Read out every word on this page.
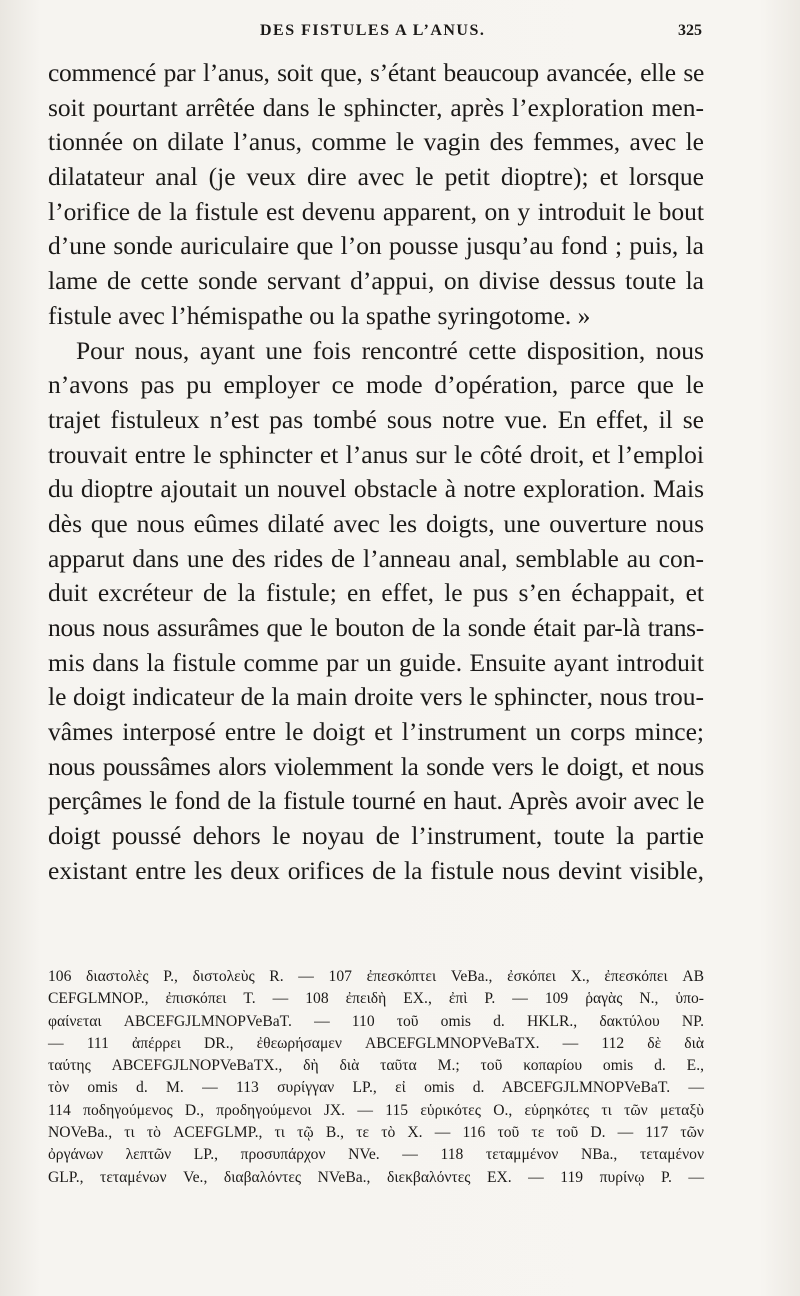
DES FISTULES A L’ANUS.	325
commencé par l’anus, soit que, s’étant beaucoup avancée, elle se
soit pourtant arrêtée dans le sphincter, après l’exploration men-
tionnée on dilate l’anus, comme le vagin des femmes, avec le
dilatateur anal (je veux dire avec le petit dioptre); et lorsque
l’orifice de la fistule est devenu apparent, on y introduit le bout
d’une sonde auriculaire que l’on pousse jusqu’au fond ; puis, la
lame de cette sonde servant d’appui, on divise dessus toute la
fistule avec l’hémispathe ou la spathe syringotome. »
Pour nous, ayant une fois rencontré cette disposition, nous
n’avons pas pu employer ce mode d’opération, parce que le
trajet fistuleux n’est pas tombé sous notre vue. En effet, il se
trouvait entre le sphincter et l’anus sur le côté droit, et l’emploi
du dioptre ajoutait un nouvel obstacle à notre exploration. Mais
dès que nous eûmes dilaté avec les doigts, une ouverture nous
apparut dans une des rides de l’anneau anal, semblable au con-
duit excréteur de la fistule; en effet, le pus s’en échappait, et
nous nous assurâmes que le bouton de la sonde était par-là trans-
mis dans la fistule comme par un guide. Ensuite ayant introduit
le doigt indicateur de la main droite vers le sphincter, nous trou-
vâmes interposé entre le doigt et l’instrument un corps mince;
nous poussâmes alors violemment la sonde vers le doigt, et nous
perçâmes le fond de la fistule tourné en haut. Après avoir avec le
doigt poussé dehors le noyau de l’instrument, toute la partie
existant entre les deux orifices de la fistule nous devint visible,
106 διαστολὲς P., διστολεὺς R. — 107 ἐπεσκόπτει VeBa., ἐσκόπει X., ἐπεσκόπει AB
CEFGLMNOP., ἐπισκόπει T. — 108 ἐπειδὴ EX., ἐπὶ P. — 109 ῥαγὰς N., ὑπο-
φαίνεται ABCEFGJLMNOPVeBaT. — 110 τοῦ omis d. HKLR., δακτύλου NP.
— 111 ἀπέρρει DR., ἐθεωρήσαμεν ABCEFGLMNOPVeBaTX. — 112 δὲ διὰ
ταύτης ABCEFGJLNOPVeBaTX., δὴ διὰ ταῦτα M.; τοῦ κοπαρίου omis d. E.,
τὸν omis d. M. — 113 συρίγγαν LP., εἰ omis d. ABCEFGJLMNOPVeBaT. —
114 ποδηγούμενος D., προδηγούμενοι JX. — 115 εὑρικότες O., εὑρηκότες τι τῶν μεταξὺ
NOVeBa., τι τὸ ACEFGLMP., τι τῷ B., τε τὸ X. — 116 τοῦ τε τοῦ D. — 117 τῶν
ὀργάνων λεπτῶν LP., προσυπάρχον NVe. — 118 τεταμμένον NBa., τεταμένον
GLP., τεταμένων Ve., διαβαλόντες NVeBa., διεκβαλόντες EX. — 119 πυρίνῳ P. —
